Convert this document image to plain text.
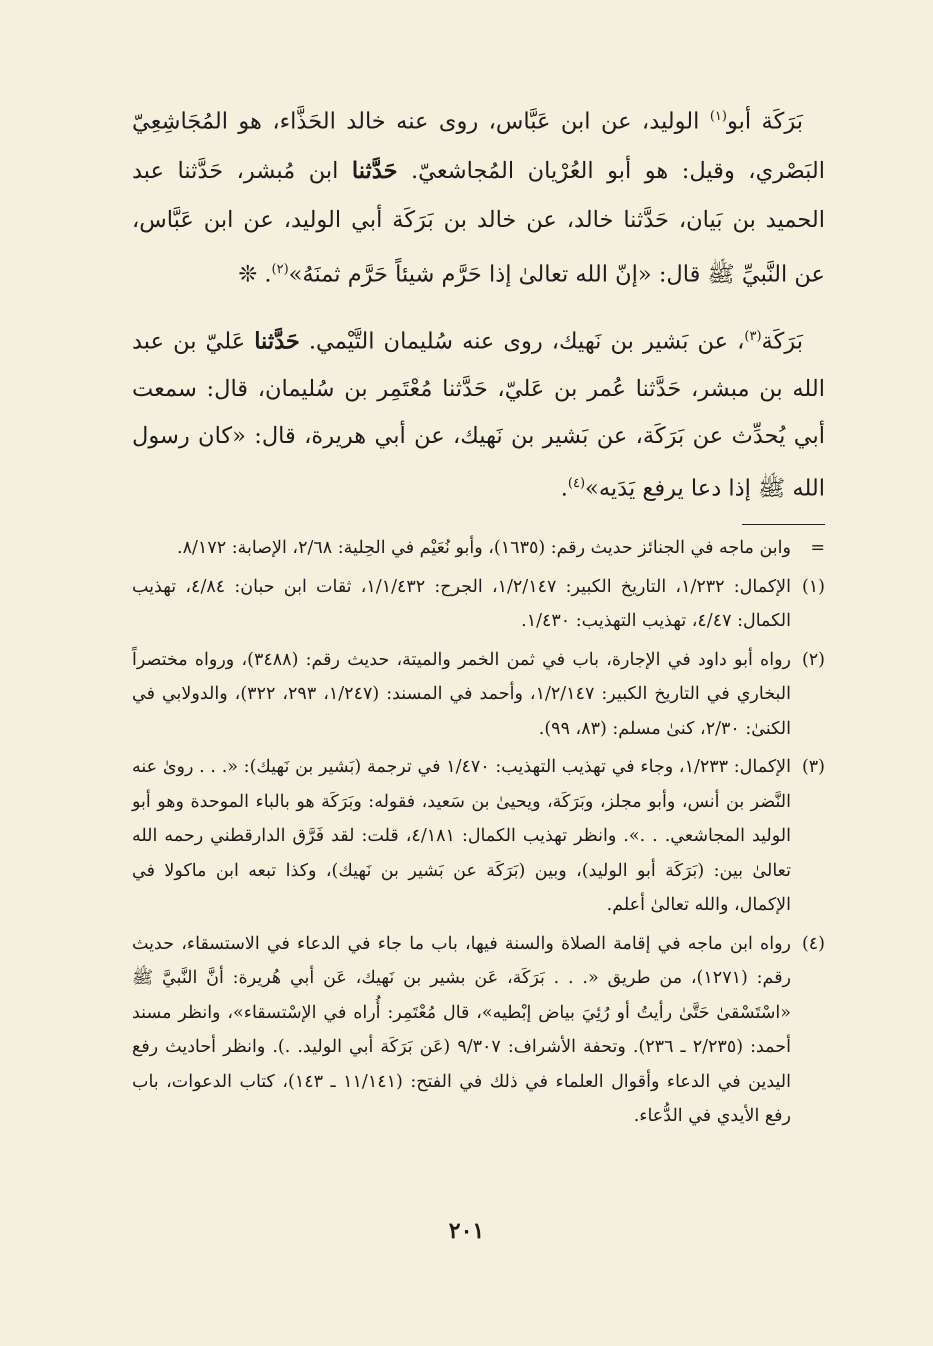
بَرَكَة أبو$^{(١)}$ الوليد، عن ابن عَبَّاس، روى عنه خالد الحَذَّاء، هو المُجَاشِعِيّ البَصْري، وقيل: هو أبو العُرْيان المُجاشعيّ. حَدَّثنا ابن مُبشر، حَدَّثنا عبد الحميد بن بَيان، حَدَّثنا خالد، عن خالد بن بَرَكَة أبي الوليد، عن ابن عَبَّاس، عن النَّبيِّ ﷺ قال: «إنّ الله تعالىٰ إذا حَرَّم شيئاً حَرَّم ثمنَهُ»$^{(٢)}$. ❊

بَرَكَة$^{(٣)}$، عن بَشير بن نَهيك، روى عنه سُليمان التَّيْمي. حَدَّثنا عَليّ بن عبد الله بن مبشر، حَدَّثنا عُمر بن عَليّ، حَدَّثنا مُعْتَمِر بن سُليمان، قال: سمعت أبي يُحدِّث عن بَرَكَة، عن بَشير بن نَهيك، عن أبي هريرة، قال: «كان رسول الله ﷺ إذا دعا يرفع يَدَيه»$^{(٤)}$.

=
وابن ماجه في الجنائز حديث رقم: (١٦٣٥)، وأبو نُعَيْم في الحِلية: ٢/٦٨، الإصابة: ٨/١٧٢.
(١)
الإكمال: ١/٢٣٢، التاريخ الكبير: ١/٢/١٤٧، الجرح: ١/١/٤٣٢، ثقات ابن حبان: ٤/٨٤، تهذيب الكمال: ٤/٤٧، تهذيب التهذيب: ١/٤٣٠.
(٢)
رواه أبو داود في الإجارة، باب في ثمن الخمر والميتة، حديث رقم: (٣٤٨٨)، ورواه مختصراً البخاري في التاريخ الكبير: ١/٢/١٤٧، وأحمد في المسند: (١/٢٤٧، ٢٩٣، ٣٢٢)، والدولابي في الكنىٰ: ٢/٣٠، كنىٰ مسلم: (٨٣، ٩٩).
(٣)
الإكمال: ١/٢٣٣، وجاء في تهذيب التهذيب: ١/٤٧٠ في ترجمة (بَشير بن نَهيك): «. . . روىٰ عنه النَّضر بن أنس، وأبو مجلز، وبَرَكَة، ويحيىٰ بن سَعيد، فقوله: وبَرَكَة هو بالباء الموحدة وهو أبو الوليد المجاشعي. . .». وانظر تهذيب الكمال: ٤/١٨١، قلت: لقد فَرَّق الدارقطني رحمه الله تعالىٰ بين: (بَرَكَة أبو الوليد)، وبين (بَرَكَة عن بَشير بن نَهيك)، وكذا تبعه ابن ماكولا في الإكمال، والله تعالىٰ أعلم.
(٤)
رواه ابن ماجه في إقامة الصلاة والسنة فيها، باب ما جاء في الدعاء في الاستسقاء، حديث رقم: (١٢٧١)، من طريق «. . . بَرَكَة، عَن بشير بن نَهيك، عَن أبي هُريرة: أنَّ النَّبيَّ ﷺ «اسْتَسْقىٰ حَتَّىٰ رأيتُ أو رُئِيَ بياض إبْطيه»، قال مُعْتَمِر: أُراه في الإسْتسقاء»، وانظر مسند أحمد: (٢/٢٣٥ ـ ٢٣٦). وتحفة الأشراف: ٩/٣٠٧ (عَن بَرَكَة أبي الوليد. .). وانظر أحاديث رفع اليدين في الدعاء وأقوال العلماء في ذلك في الفتح: (١١/١٤١ ـ ١٤٣)، كتاب الدعوات، باب رفع الأيدي في الدُّعاء.
٢٠١
